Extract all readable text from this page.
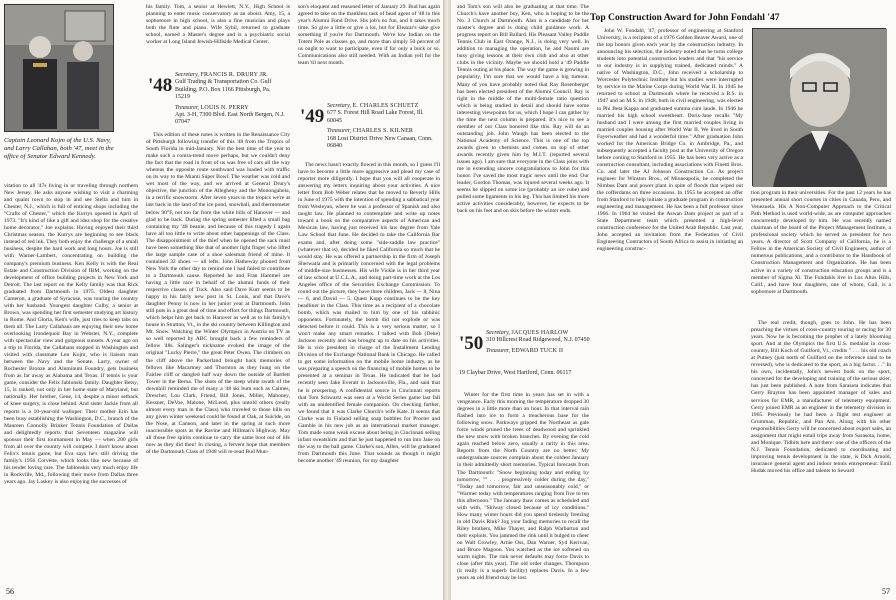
Captain Leonard Kojm of the U.S. Navy, and Larry Callahan, both '47, meet in the office of Senator Edward Kennedy.

vitation to all '47s living in or traveling through northern New Jersey. He asks anyone wishing to visit a charming and quaint town to stop in and see Stella and him in Chester, N.J., which is full of enticing shops including the "Crafts of Chester," which the Kurrys opened in April of 1973. "It's kind of like a gift and idea shop for the creative home decorator," Joe explains. Having enjoyed their third Christmas season, the Kurrys are beginning to see black instead of red ink. They both enjoy the challenge of a small business, despite the hard work and long hours. Joe is still with Warner-Lambert, concentrating on building the company's premium business. Ken Kelly is with the Real Estate and Construction Division of IBM, working on the development of office building projects in New York and Detroit. The last report on the Kelly family was that Rick graduated from Dartmouth in 1975. Oldest daughter Cameron, a graduate of Syracuse, was touring the country with her husband. Youngest daughter Colby, a senior at Brown, was spending her first semester studying art history in Rome. And Gloria, Ken's wife, just tries to keep tabs on them all. The Larry Callahans are enjoying their new home overlooking Irondequoit Bay in Webster, N.Y., complete with spectacular view and gorgeous sunsets. A year ago on a trip to Florida, the Callahans stopped in Washington and visited with classmate Len Kojm, who is liaison man between the Navy and the Senate. Larry, owner of Rochester Bronze and Aluminum Foundry, gets business from as far away as Alabama and Texas. If tennis is your game, consider the Felix Jablonski family. Daughter Betsy, 15, is ranked, not only in her home state of Maryland, but nationally. Her brother, Gene, 14, despite a minor setback of knee surgery, is close behind. And sister Jackie from all reports is a 10-year-old walloper. Their mother Erin has been busy establishing the Washington, D.C., branch of the Maureen Connolly Brinker Tennis Foundation of Dallas and delightedly reports that Seventeen magazine will sponsor their first tournament in May — when 200 girls from all over the country will compete. I don't know about Felix's tennis game, but Eva says he's still driving the family's 1956 Corvette, which looks like new because of his tender loving care. The Jablonskis very much enjoy life in Rockville, Md., following their move from Dallas three years ago. Jay Laskey is also enjoying the successes of

his family. Tom, a senior at Hewlett, N.Y., High School is planning to enter music conservatory as an oboist. Amy, 15, a sophomore in high school, is also a fine musician and plays both the flute and piano. Wife Sybil, returned to graduate school, earned a Master's degree and is a psychiatric social worker at Long Island Jewish-Hillside Medical Center.

'48 Secretary, FRANCIS R. DRURY JR.
Gulf Trading & Transportation Co. Gulf Building, P.O. Box 1166 Pittsburgh, Pa. 15219
Treasurer, LOUIS N. PERRY
Apt. 3-H, 7300 Blvd. East North Bergen, N.J. 07047

This edition of these notes is written in the Renaissance City of Pittsburgh following transfer of this '48 from the Tropics of South Florida in mid-January. Not the best time of the year to make such a contra-trend move perhaps, but we couldn't deny the fact that the road in front of us was free of cars all the way whereas the opposite route southward was loaded with traffic on its way to the Miami Super Bowl. The weather was cold and wet most of the way, and we arrived at General Drury's objective, the junction of the Allegheny and the Monongahela, in a terrific snowstorm. After seven years in the tropics we're at last back in the land of the ice pond, snowball, and thermometer below 90°F, not too far from the white hills of Hanover — and glad to be back. During the spring semester lifted a small bag containing my '48 beanie, and because of this tragedy I again have all too little to write about other happenings of the Class. The disappointment of the thief when he opened the sack must have been something like that of another light finger who lifted the large sample case of a shoe salesman friend of mine. It contained 32 shoes — all lefts. John Hatheway phoned from New York the other day to remind me I had failed to contribute to a Dartmouth cause. Reported he and Fran Hammel are having a little race in behalf of the alumni funds of their respective classes of Tuck. Also said Dave Kurr seems to be happy in his fairly new post in St. Louis, and that Dave's daughter Penny is now in her junior year at Dartmouth. John still puts in a great deal of time and effort for things Dartmouth, which helps him get back to Hanover as well as to his family's house in Stratton, Vt., in the ski country between Killington and Mt. Snow. Watching the Winter Olympics in Austria on TV as so well reported by ABC brought back a few reminders of fellow '48s. Salinger's nickname evoked the image of the original "Lucky Pierre," the great Peter Owen. The climbers on the cliff above the Packerland brought back memories of fellows like Macartney and Thornton as they hung on the Fairlee cliff or dangled half way down the outside of Bartlett Tower in the Berna. The shots of the steep white swath of the downhill reminded me of many a '48 ski bum such as Calmes, Drescher, Lou Clark, Friend, Bill Jones, Miller, Mahoney, Kessner, DeVoe, Malone, McLeod, plus untold others (really almost every man in the Class) who traveled to those hills on any given winter weekend could be found at Oak, at Suicide, on the Nose, at Cannon, and later in the spring at such more inaccessible spots as the Ravine and Hillman's Highway. May all those free spirits continue to carry the same boot out of life now as they did then! In closing, a fervent hope that members of the Dartmouth Class of 1948 will re-read Bud Mun-

son's eloquent and reasoned letter of January 29. Bud has again agreed to take on the thankless task of head agent of '48 in this year's Alumni Fund Drive. His job's no fun, and it takes much time. So give a little or give a lot, but for Eleazar's sake give something if you're for Dartmouth. We're low Indian on the Totem Pole as classes go, and more than simply 50 percent of us ought to want to participate, even if for only a buck or so. Communications also still needed. With an Indian yell for the team 'til next month.

'49 Secretary, E. CHARLES SCHUETZ
677 S. Forest Hill Road Lake Forest, Ill. 60045
Treasurer, CHARLES S. KILNER
168 Lost District Drive New Canaan, Conn. 06840

The news hasn't exactly flowed in this month, so I guess I'll have to become a little more aggressive and plead my case of reporter more diligently. I hope that you will all cooperate in answering my letters inquiring about your activities. A nice letter from Bob Weber relates that he moved to Beverly Hills in June of 1975 with the intention of spending a sabbatical year from Wesleyan, where he was a professor of Spanish and also taught law. He planned to contemplate and write up notes toward a book on the comparative aspects of American and Mexican law, having just received his law degree from Yale Law School that June. He decided to take the California Bar exams and, after doing some "side-saddle law practice" (whatever that is), decided he liked California so much that he would stay. He was offered a partnership in the firm of Joseph Sherwatia and is primarily concerned with the legal problems of middle-size businesses. His wife Vickie is in her third year of law school at U.C.L.A., and doing part-time work at the Los Angeles office of the Securities Exchange Commission. To round out the picture, they have three children, Jack — 8, Nina — 6, and David — 5. Quest Kopp continues to be the key headliner in the Class. This time as a recipient of a chocolate bomb, which was mailed to him by one of his rabbinic opponents. Fortunately, the bomb did not explode or was detected before it could. This is a very serious matter, so I won't make any smart remarks. I talked with Bob (Deke) Jackson recently and was brought up to date on his activities. He is vice president in charge of the Installment Lending Division of the Exchange National Bank in Chicago. He called to get some information on the mobile home industry, as he was preparing a speech on the financing of mobile homes to be presented at a seminar in Texas. He indicated that he had recently seen Jake Everatt in Jacksonville, Fla., and said that he is prospering. A confidential source in Cincinnati reports that Tom Schwartz was seen at a World Series game last fall with an unidentified female companion. On checking further, we found that it was Clarke Church's wife Kate. It seems that Clarke was in Finland selling soap bubbles for Procter and Gamble in his new job as an international market manager. Tom made some weak excuse about being in Cincinnati selling infant sweatshirts and that he just happened to run into Jane on the way to the ball game. Clarke's son, Allen, will be graduated from Dartmouth this June. That sounds as though it might become another '49 reunion, for my daughter

56

and Tom's son will also be graduating at that time. The Church's have another boy, Ken, who is hoping to be the No. 3 Church at Dartmouth. Alan is a candidate for her master's degree and is doing child guidance work. A progress report on Bill Ballard. His Pleasant Valley Paddle Tennis Club in East Orange, N.J., is doing very well. In addition to managing the operation, he and Naomi are busy giving lessons at their own club and also at other clubs in the vicinity. Maybe we should hold a '49 Paddle Tennis outing at his place. The way the game is growing in popularity, I'm sure that we would have a big turnout. Many of you have probably noted that Ray Rosenberger has been elected president of the Alumni Council. Ray is right in the middle of the multi-female ratio question which is being studied in detail and should have some interesting viewpoints for us, which I hope I can gather by the time the next column is prepared. It's nice to see a member of our Class honored like this. Ray will do an outstanding job. John Waugh has been elected to the National Academy of Science. This is one of the top awards given to chemists and comes on top of other awards recently given him by M.I.T. (reported several issues ago). I am sure that everyone in the Class joins with me in extending sincere congratulations to John for this honor. I've saved the most tragic news until the end. Our leader, Gordon Thomas, was injured several weeks ago. It seems he slipped on some ice (probably an ice cube) and pulled some ligaments in his leg. This has limited his more active activities considerably, however, he expects to be back on his feet and on skis before the winter ends.

'50 Secretary, JACQUES HARLOW
310 Hillcrest Road Ridgewood, N.J. 07450
Treasurer, EDWARD TUCK II
19 Claybar Drive, West Hartford, Conn. 06117

Winter for the first time in years has set in with a vengeance. Early this morning the temperature dropped 30 degrees in a little more than an hour. In that interval rain flashed into ice to form a treacherous base for the following snow. Parkways gripped the Northeast as gale force winds pruned the trees of deadwood and sprinkled the new snow with broken branches. By evening the cold again reached below zero, usually a rarity in this area. Reports from the North Country are no better. My undergraduate sources complain about the coldest January in their admittedly short memories. Typical forecasts from The Dartmouth: "Snow beginning today and ending by tomorrow, "" . . . progressively colder during the day," "Today and tomorrow, fair and unseasonably cold," or "Warmer today with temperatures ranging from five to ten this afternoon." The January thaw comes as scheduled and with with, "Skiway closed because of icy conditions." How many winter hours did you spend tirelessly freezing in old Davis Rink? Jog your fading memories to recall the Riley brothers, Mike Thayer, and Ralph Warburton and their exploits. You jammed the rink until it bulged to cheer on Walt Crowley, Arnie Oss, Dan Warner, Syd Kerivan, and Bruce Magoon. You watched as the ice softened on warm nights. The rink never defaults may force Davis to close (after this year). The old order changes. Thompson (it really is a superb facility) replaces Davis. In a few years an old friend may be lost.

John W. Fondahl, '47, professor of engineering at Stanford University, is a recipient of a 1976 Golden Beaver Award, one of the top honors given each year by the construction industry. In announcing his selection, the industry noted that he turns college students into potential construction leaders and that "his service to our industry is in supplying trained, dedicated minds." A native of Washington, D.C., John received a scholarship to Worcester Polytechnic Institute but his studies were interrupted by service in the Marine Corps during World War II. In 1945 he returned to school at Dartmouth where he received a B.S. in 1947 and an M.S. in 1948, both in civil engineering, was elected to Phi Beta Kappa and graduated summa cum laude. In 1946 he married his high school sweetheart. Doris-Jane recalls "My husband and I were among the first married couples living in married couples housing after World War II. We lived in South Fayerweather and had a wonderful time." After graduation John worked for the American Bridge Co. in Ambridge, Pa., and subsequently accepted a faculty post at the University of Oregon before coming to Stanford in 1955. He has been very active as a construction consultant, including associations with Finetti Bros. Co. and later the AJ Johnson Construction Co. As project engineer for Winston Bros., of Minneapolis, he completed the Nimbus Dam and power plant in spite of floods that wiped out the cofferdams on three occasions. In 1955 he accepted an offer from Stanford to help initiate a graduate program in construction engineering and management. He has been a full professor since 1966. In 1964 he visited the Aswan Dam project as part of a State Department team which presented a high-level construction conference for the United Arab Republic. Last year, John accepted an invitation from the Federation of Civil Engineering Contractors of South Africa to assist in initiating an engineering construc-

tion program in their universities. For the past 12 years he has presented annual short courses in cities in Canada, Peru, and Venezuela. His A Non-Computer Approach to the Critical Path Method is used world-wide, as are computer approaches concurrently developed by him. He was recently named chairman of the board of the Project Management Institute, a professional society which he served as president for two years. A director of Scott Company of California, he is a Fellow in the American Society of Civil Engineers, author of numerous publications, and a contributor to the Handbook of Construction Management and Organization. He has been active in a variety of construction education groups and is a member of Sigma Xi. The Fondahls live in Los Altos Hills, Calif., and have four daughters, one of whom, Gail, is a sophomore at Dartmouth.

The real credit, though, goes to John. He has been preaching the virtues of cross-country touring or racing for 30 years. Now he is becoming the prophet of a lately blooming sport. And at the Olympics the first U.S. medalist in cross-country, Bill Koch of Guilford, Vt., credits " . . . his old coach at Putney (just north of Guilford on the reference sand to be reversed), who is dedicated to the sport, as a big factor. . ." In his own, incidentally, John's newest book on the sport, concerned for the developing and training of the serious skier, has just been published. A note from Sarasota indicates that Gerry Brayton has been appointed manager of sales and services for EMR, a manufacturer of telemetry equipment. Gerry joined EMR as an engineer in the telemetry division in 1965. Previously he had been a flight test engineer at Grumman, Republic, and Pan Am. Along with his other responsibilities Gerry will be concerned about export sales, an assignment that might entail trips away from Sarasota, home, and Monique. Tidbits here and there: one of the officers of the N.J. Tennis Foundation, dedicated to coordinating and improving tennis development in the state, is Dick Arnold, insurance general agent and indoor tennis entrepreneur. Emil Hudak moved his office and talents to Seward

57
Top Construction Award for John Fondahl '47
